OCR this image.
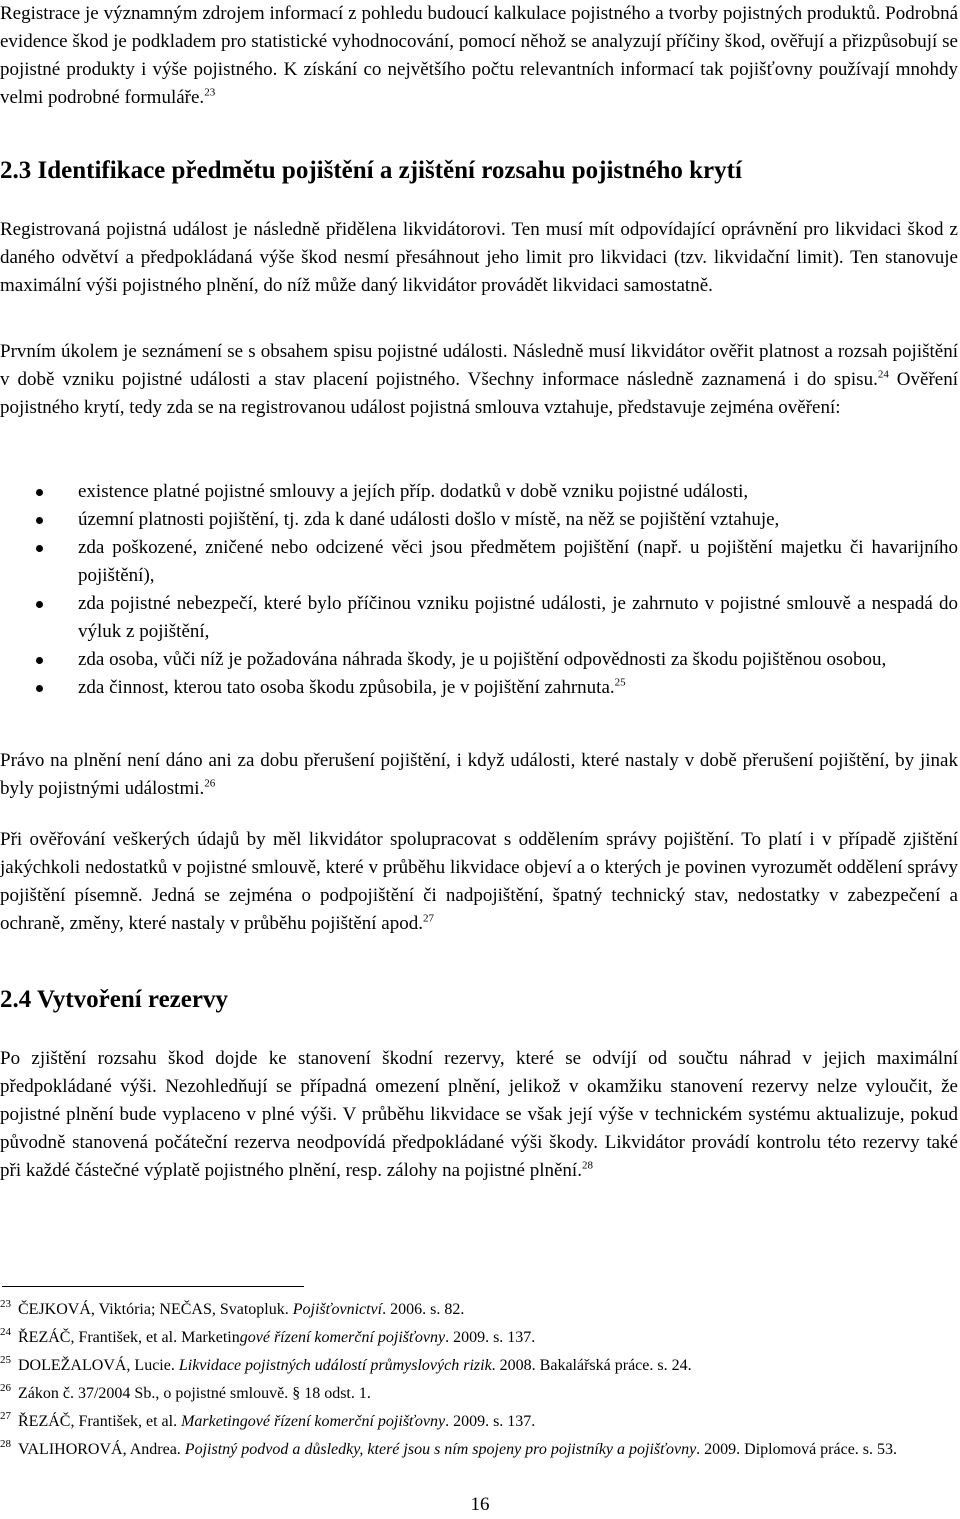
Registrace je významným zdrojem informací z pohledu budoucí kalkulace pojistného a tvorby pojistných produktů. Podrobná evidence škod je podkladem pro statistické vyhodnocování, pomocí něhož se analyzují příčiny škod, ověřují a přizpůsobují se pojistné produkty i výše pojistného. K získání co největšího počtu relevantních informací tak pojišťovny používají mnohdy velmi podrobné formuláře.$^{23}$

2.3 Identifikace předmětu pojištění a zjištění rozsahu pojistného krytí

Registrovaná pojistná událost je následně přidělena likvidátorovi. Ten musí mít odpovídající oprávnění pro likvidaci škod z daného odvětví a předpokládaná výše škod nesmí přesáhnout jeho limit pro likvidaci (tzv. likvidační limit). Ten stanovuje maximální výši pojistného plnění, do níž může daný likvidátor provádět likvidaci samostatně.

Prvním úkolem je seznámení se s obsahem spisu pojistné události. Následně musí likvidátor ověřit platnost a rozsah pojištění v době vzniku pojistné události a stav placení pojistného. Všechny informace následně zaznamená i do spisu.$^{24}$ Ověření pojistného krytí, tedy zda se na registrovanou událost pojistná smlouva vztahuje, představuje zejména ověření:

existence platné pojistné smlouvy a jejích příp. dodatků v době vzniku pojistné události,
územní platnosti pojištění, tj. zda k dané události došlo v místě, na něž se pojištění vztahuje,
zda poškozené, zničené nebo odcizené věci jsou předmětem pojištění (např. u pojištění majetku či havarijního pojištění),
zda pojistné nebezpečí, které bylo příčinou vzniku pojistné události, je zahrnuto v pojistné smlouvě a nespadá do výluk z pojištění,
zda osoba, vůči níž je požadována náhrada škody, je u pojištění odpovědnosti za škodu pojištěnou osobou,
zda činnost, kterou tato osoba škodu způsobila, je v pojištění zahrnuta.$^{25}$

Právo na plnění není dáno ani za dobu přerušení pojištění, i když události, které nastaly v době přerušení pojištění, by jinak byly pojistnými událostmi.$^{26}$

Při ověřování veškerých údajů by měl likvidátor spolupracovat s oddělením správy pojištění. To platí i v případě zjištění jakýchkoli nedostatků v pojistné smlouvě, které v průběhu likvidace objeví a o kterých je povinen vyrozumět oddělení správy pojištění písemně. Jedná se zejména o podpojištění či nadpojištění, špatný technický stav, nedostatky v zabezpečení a ochraně, změny, které nastaly v průběhu pojištění apod.$^{27}$

2.4 Vytvoření rezervy

Po zjištění rozsahu škod dojde ke stanovení škodní rezervy, které se odvíjí od součtu náhrad v jejich maximální předpokládané výši. Nezohledňují se případná omezení plnění, jelikož v okamžiku stanovení rezervy nelze vyloučit, že pojistné plnění bude vyplaceno v plné výši. V průběhu likvidace se však její výše v technickém systému aktualizuje, pokud původně stanovená počáteční rezerva neodpovídá předpokládané výši škody. Likvidátor provádí kontrolu této rezervy také při každé částečné výplatě pojistného plnění, resp. zálohy na pojistné plnění.$^{28}$

23 ČEJKOVÁ, Viktória; NEČAS, Svatopluk. Pojišťovnictví. 2006. s. 82.
24 ŘEZÁČ, František, et al. Marketingové řízení komerční pojišťovny. 2009. s. 137.
25 DOLEŽALOVÁ, Lucie. Likvidace pojistných událostí průmyslových rizik. 2008. Bakalářská práce. s. 24.
26 Zákon č. 37/2004 Sb., o pojistné smlouvě. § 18 odst. 1.
27 ŘEZÁČ, František, et al. Marketingové řízení komerční pojišťovny. 2009. s. 137.
28 VALIHOROVÁ, Andrea. Pojistný podvod a důsledky, které jsou s ním spojeny pro pojistníky a pojišťovny. 2009. Diplomová práce. s. 53.
16
